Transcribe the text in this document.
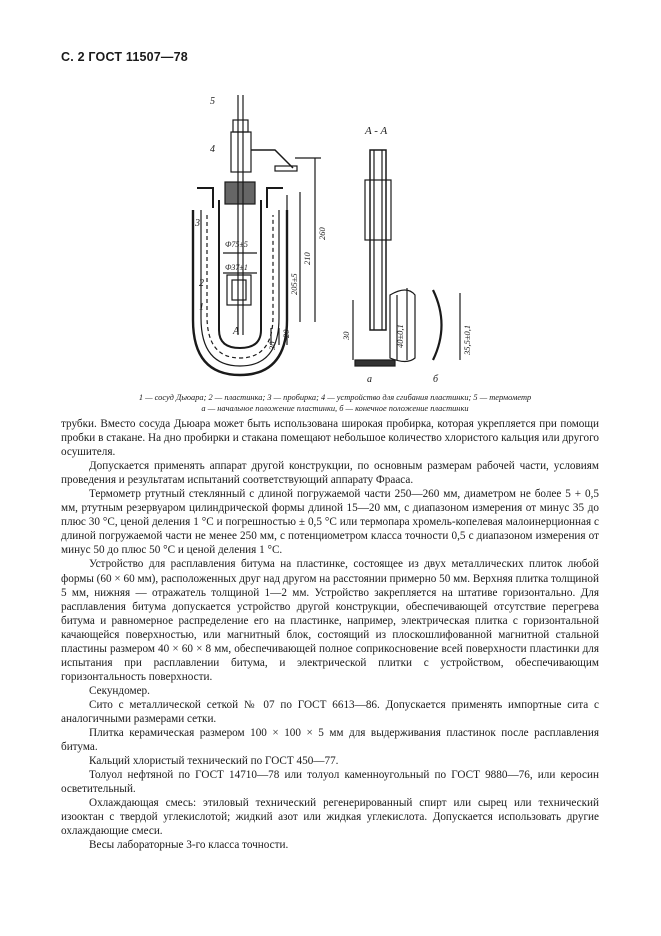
С. 2 ГОСТ 11507—78
5
4
3
2
1
A
A - A
а	б
Ф75±5
Ф37±1
260
210
205±5
20
30
30	40±0,1	35,5±0,1
1 — сосуд Дьюара; 2 — пластинка; 3 — пробирка; 4 — устройство для сгибания пластинки; 5 — термометр
а — начальное положение пластинки, б — конечное положение пластинки

трубки. Вместо сосуда Дьюара может быть использована широкая пробирка, которая укрепляется при помощи пробки в стакане. На дно пробирки и стакана помещают небольшое количество хлористого кальция или другого осушителя.

Допускается применять аппарат другой конструкции, по основным размерам рабочей части, условиям проведения и результатам испытаний соответствующий аппарату Фрааса.

Термометр ртутный стеклянный с длиной погружаемой части 250—260 мм, диаметром не более 5 + 0,5 мм, ртутным резервуаром цилиндрической формы длиной 15—20 мм, с диапазоном измерения от минус 35 до плюс 30 °С, ценой деления 1 °С и погрешностью ± 0,5 °С или термопара хромель-копелевая малоинерционная с длиной погружаемой части не менее 250 мм, с потенциометром класса точности 0,5 с диапазоном измерения от минус 50 до плюс 50 °С и ценой деления 1 °С.

Устройство для расплавления битума на пластинке, состоящее из двух металлических плиток любой формы (60 × 60 мм), расположенных друг над другом на расстоянии примерно 50 мм. Верхняя плитка толщиной 5 мм, нижняя — отражатель толщиной 1—2 мм. Устройство закрепляется на штативе горизонтально. Для расплавления битума допускается устройство другой конструкции, обеспечивающей отсутствие перегрева битума и равномерное распределение его на пластинке, например, электрическая плитка с горизонтальной качающейся поверхностью, или магнитный блок, состоящий из плоскошлифованной магнитной стальной пластины размером 40 × 60 × 8 мм, обеспечивающей полное соприкосновение всей поверхности пластинки для испытания при расплавлении битума, и электрической плитки с устройством, обеспечивающим горизонтальность поверхности.

Секундомер.

Сито с металлической сеткой № 07 по ГОСТ 6613—86. Допускается применять импортные сита с аналогичными размерами сетки.

Плитка керамическая размером 100 × 100 × 5 мм для выдерживания пластинок после расплавления битума.

Кальций хлористый технический по ГОСТ 450—77.

Толуол нефтяной по ГОСТ 14710—78 или толуол каменноугольный по ГОСТ 9880—76, или керосин осветительный.

Охлаждающая смесь: этиловый технический регенерированный спирт или сырец или технический изооктан с твердой углекислотой; жидкий азот или жидкая углекислота. Допускается использовать другие охлаждающие смеси.

Весы лабораторные 3-го класса точности.
